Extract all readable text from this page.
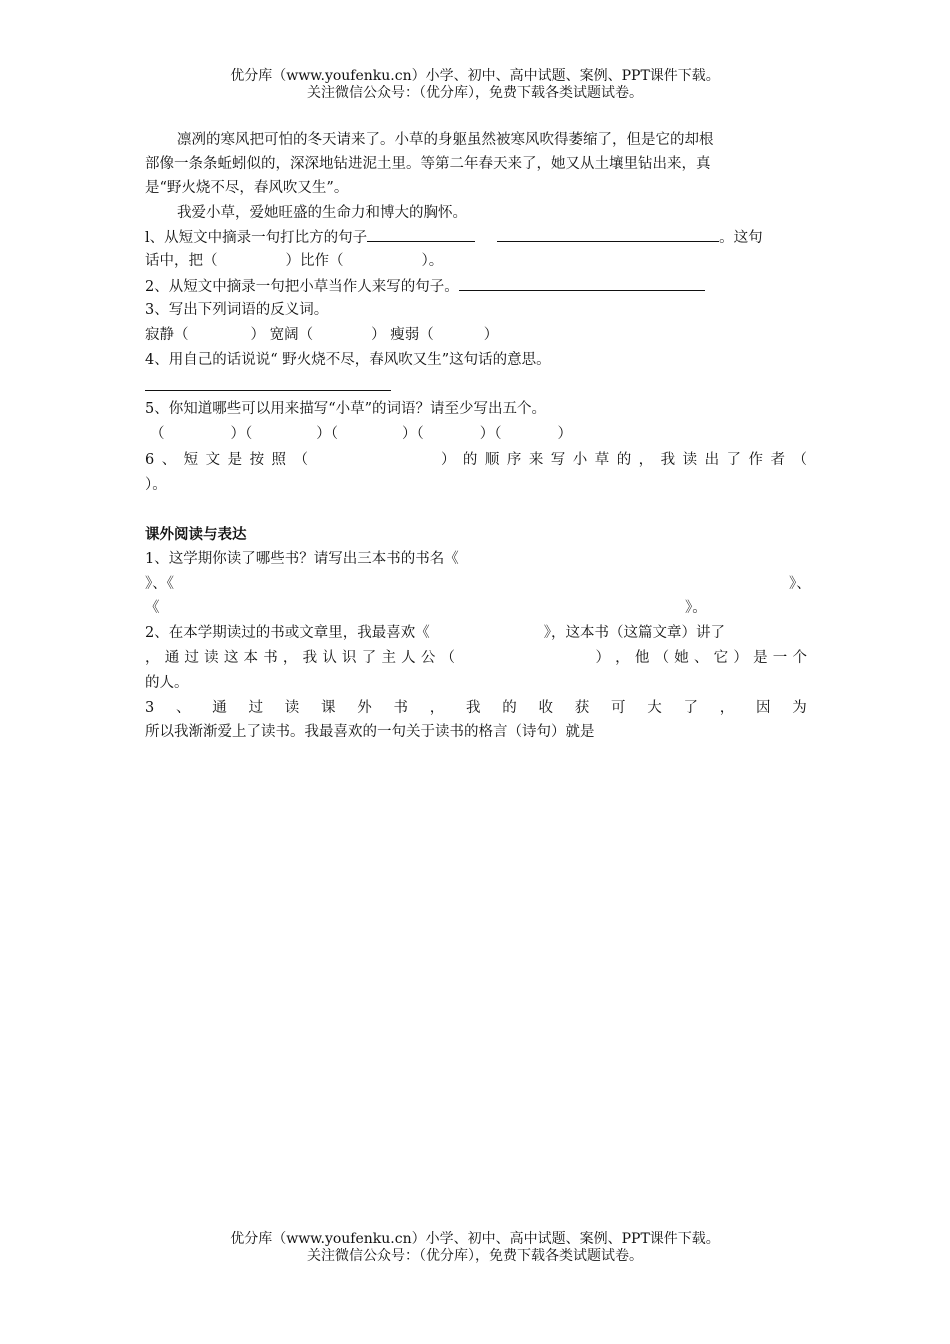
优分库（www.youfenku.cn）小学、初中、高中试题、案例、PPT课件下载。
关注微信公众号：（优分库），免费下载各类试题试卷。
凛冽的寒风把可怕的冬天请来了。小草的身躯虽然被寒风吹得萎缩了，但是它的却根
部像一条条蚯蚓似的，深深地钻进泥土里。等第二年春天来了，她又从土壤里钻出来，真
是“野火烧不尽，春风吹又生”。
我爱小草，爱她旺盛的生命力和博大的胸怀。
l、从短文中摘录一句打比方的句子	。这句
话中，把（	）比作（	）。
2、从短文中摘录一句把小草当作人来写的句子。
3、写出下列词语的反义词。
寂静（	） 宽阔（	） 瘦弱（	）
4、用自己的话说说“ 野火烧不尽，春风吹又生”这句话的意思。
5、你知道哪些可以用来描写“小草”的词语？请至少写出五个。
（	）（	）（	）（	）（	）
6 、 短 文 是 按 照 （	） 的 顺 序 来 写 小 草 的 ， 我 读 出 了 作 者 （
）。
课外阅读与表达
1、这学期你读了哪些书？请写出三本书的书名《
》、《	》、
《	》。
2、在本学期读过的书或文章里，我最喜欢《	》，这本书（这篇文章）讲了
， 通 过 读 这 本 书 ， 我 认 识 了 主 人 公 （	） ， 他 （ 她 、 它 ） 是 一 个
的人。
3 、 通 过 读 课 外 书 ， 我 的 收 获 可 大 了 ， 因 为
所以我渐渐爱上了读书。我最喜欢的一句关于读书的格言（诗句）就是
优分库（www.youfenku.cn）小学、初中、高中试题、案例、PPT课件下载。
关注微信公众号：（优分库），免费下载各类试题试卷。
